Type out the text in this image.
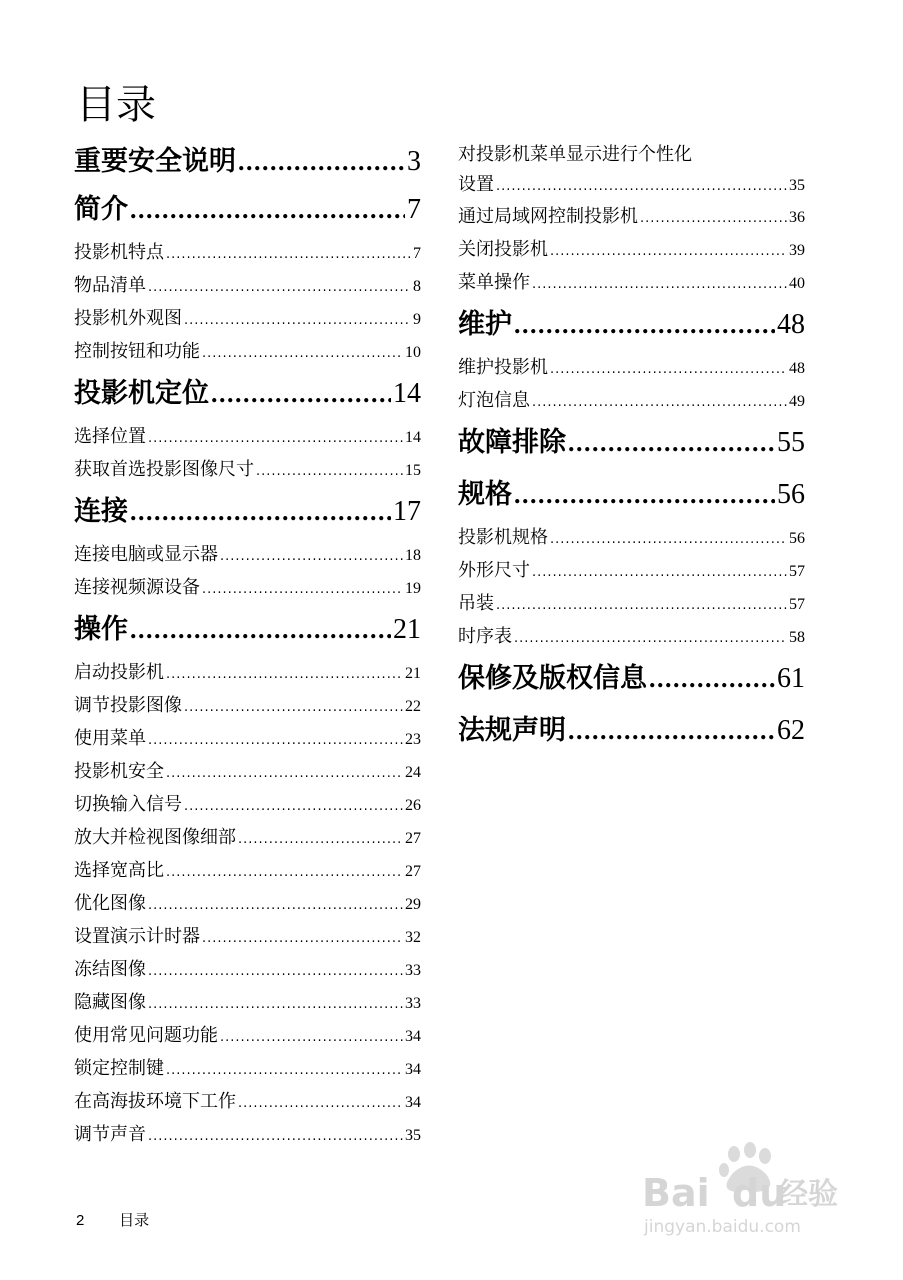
目录
重要安全说明 .....	3
简介 .....	7
投影机特点 .....	7
物品清单 .....	8
投影机外观图 .....	9
控制按钮和功能 .....	10
投影机定位 .....	14
选择位置 .....	14
获取首选投影图像尺寸 .....	15
连接 .....	17
连接电脑或显示器 .....	18
连接视频源设备 .....	19
操作 .....	21
启动投影机 .....	21
调节投影图像 .....	22
使用菜单 .....	23
投影机安全 .....	24
切换输入信号 .....	26
放大并检视图像细部 .....	27
选择宽高比 .....	27
优化图像 .....	29
设置演示计时器 .....	32
冻结图像 .....	33
隐藏图像 .....	33
使用常见问题功能 .....	34
锁定控制键 .....	34
在高海拔环境下工作 .....	34
调节声音 .....	35
对投影机菜单显示进行个性化
设置 .....	35
通过局域网控制投影机 .....	36
关闭投影机 .....	39
菜单操作 .....	40
维护 .....	48
维护投影机 .....	48
灯泡信息 .....	49
故障排除 .....	55
规格 .....	56
投影机规格 .....	56
外形尺寸 .....	57
吊装 .....	57
时序表 .....	58
保修及版权信息 .....	61
法规声明 .....	62
2 目录
Bai du
经验
jingyan.baidu.com
